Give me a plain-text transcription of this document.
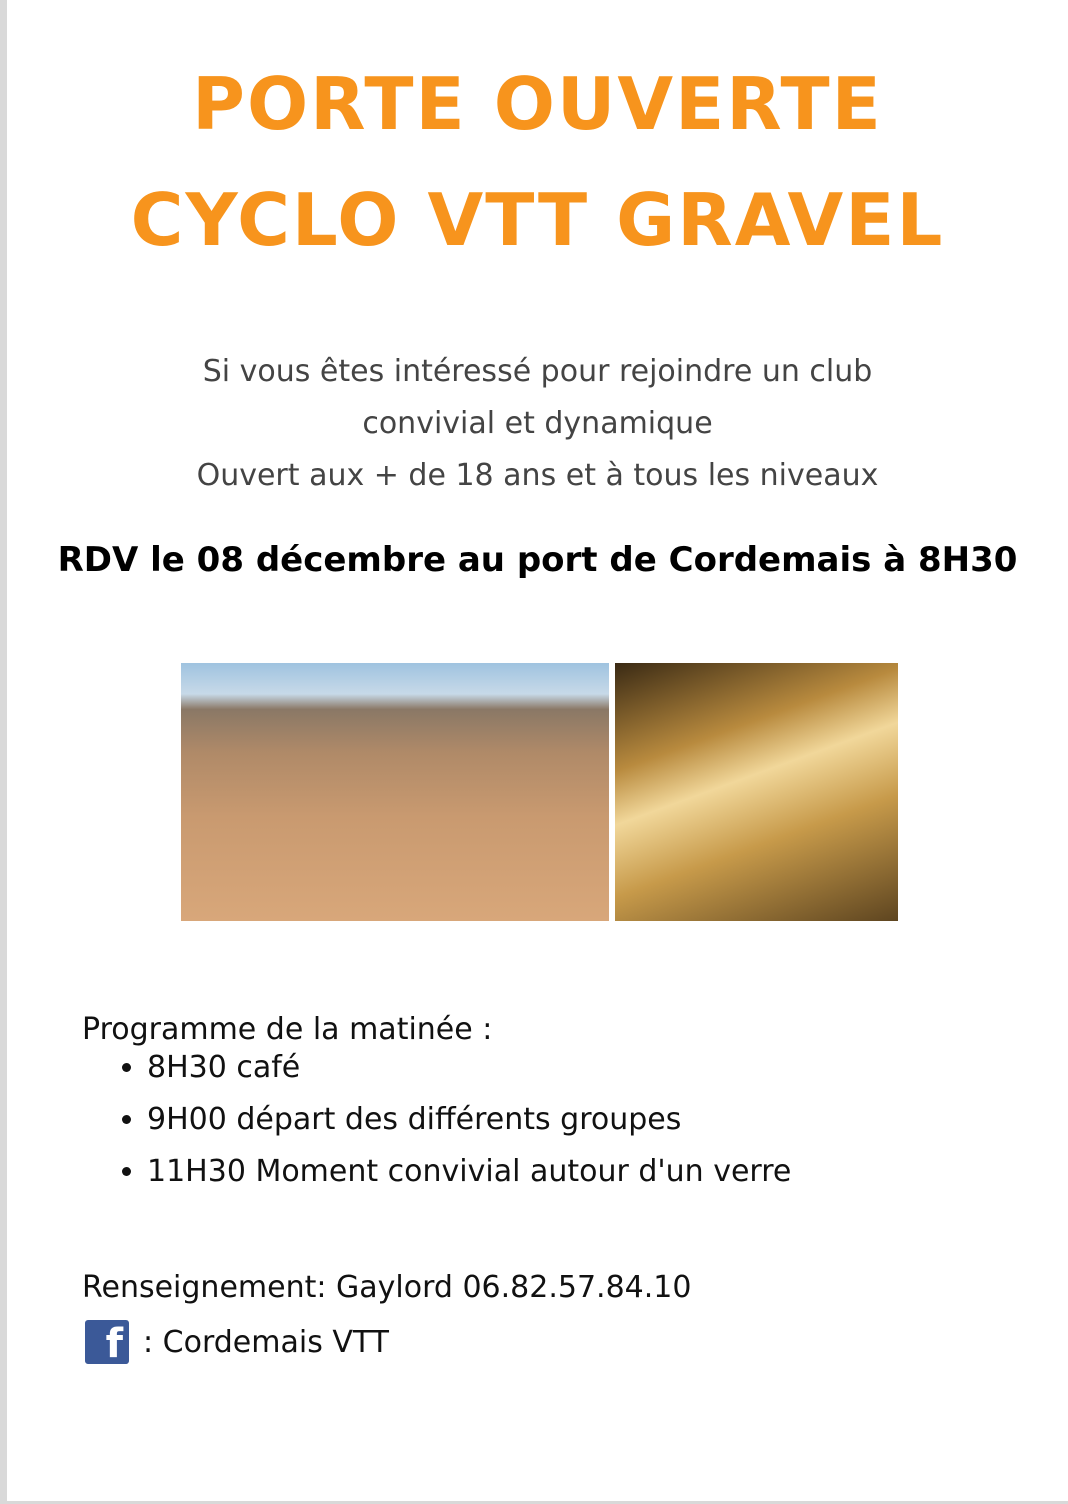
PORTE OUVERTE
CYCLO VTT GRAVEL
Si vous êtes intéressé pour rejoindre un club
convivial et dynamique
Ouvert aux + de 18 ans et à tous les niveaux
RDV le 08 décembre au port de Cordemais à 8H30
Programme de la matinée :
• 8H30 café
• 9H00 départ des différents groupes
• 11H30 Moment convivial autour d'un verre
Renseignement: Gaylord 06.82.57.84.10
f : Cordemais VTT
